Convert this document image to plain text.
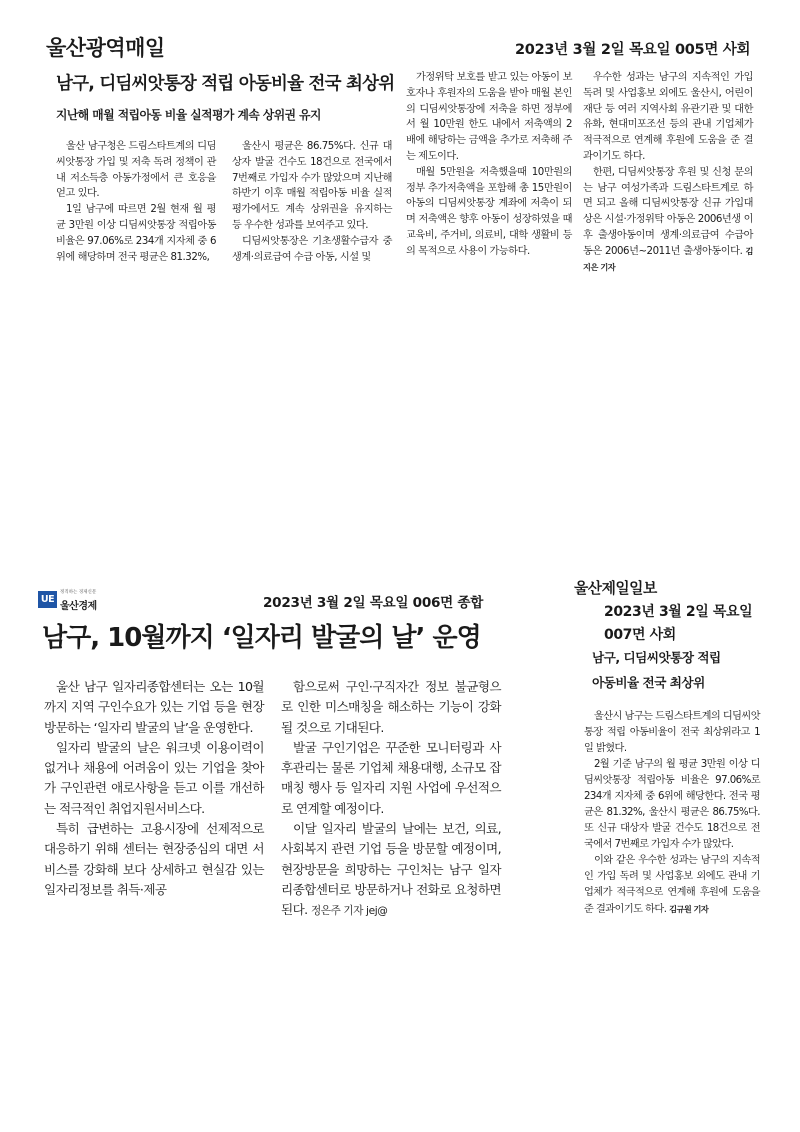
울산광역매일	2023년 3월 2일 목요일 005면 사회
남구, 디딤씨앗통장 적립 아동비율 전국 최상위
지난해 매월 적립아동 비율 실적평가 계속 상위권 유지

울산 남구청은 드림스타트계의 디딤씨앗통장 가입 및 저축 독려 정책이 관내 저소득층 아동가정에서 큰 호응을 얻고 있다.

1일 남구에 따르면 2월 현재 월 평균 3만원 이상 디딤씨앗통장 적립아동 비율은 97.06%로 234개 지자체 중 6위에 해당하며 전국 평균은 81.32%,

울산시 평균은 86.75%다. 신규 대상자 발굴 건수도 18건으로 전국에서 7번째로 가입자 수가 많았으며 지난해 하반기 이후 매월 적립아동 비율 실적평가에서도 계속 상위권을 유지하는 등 우수한 성과를 보여주고 있다.

디딤씨앗통장은 기초생활수급자 중 생계·의료급여 수급 아동, 시설 및

가정위탁 보호를 받고 있는 아동이 보호자나 후원자의 도움을 받아 매월 본인의 디딤씨앗통장에 저축을 하면 정부에서 월 10만원 한도 내에서 저축액의 2배에 해당하는 금액을 추가로 저축해 주는 제도이다.

매월 5만원을 저축했을때 10만원의 정부 추가저축액을 포함해 총 15만원이 아동의 디딤씨앗통장 계좌에 저축이 되며 저축액은 향후 아동이 성장하였을 때 교육비, 주거비, 의료비, 대학 생활비 등의 목적으로 사용이 가능하다.

우수한 성과는 남구의 지속적인 가입 독려 및 사업홍보 외에도 울산시, 어린이재단 등 여러 지역사회 유관기관 및 대한유화, 현대미포조선 등의 관내 기업체가 적극적으로 연계해 후원에 도움을 준 결과이기도 하다.

한편, 디딤씨앗통장 후원 및 신청 문의는 남구 여성가족과 드림스타트계로 하면 되고 올해 디딤씨앗통장 신규 가입대상은 시설·가정위탁 아동은 2006년생 이후 출생아동이며 생계·의료급여 수급아동은 2006년~2011년 출생아동이다. 김지은 기자

UE
정직하는 경제신문
울산경제	2023년 3월 2일 목요일 006면 종합
남구, 10월까지 ‘일자리 발굴의 날’ 운영

울산 남구 일자리종합센터는 오는 10월까지 지역 구인수요가 있는 기업 등을 현장 방문하는 ‘일자리 발굴의 날’을 운영한다.

일자리 발굴의 날은 워크넷 이용이력이 없거나 채용에 어려움이 있는 기업을 찾아가 구인관련 애로사항을 듣고 이를 개선하는 적극적인 취업지원서비스다.

특히 급변하는 고용시장에 선제적으로 대응하기 위해 센터는 현장중심의 대면 서비스를 강화해 보다 상세하고 현실감 있는 일자리정보를 취득·제공

함으로써 구인·구직자간 정보 불균형으로 인한 미스매칭을 해소하는 기능이 강화될 것으로 기대된다.

발굴 구인기업은 꾸준한 모니터링과 사후관리는 물론 기업체 채용대행, 소규모 잡매칭 행사 등 일자리 지원 사업에 우선적으로 연계할 예정이다.

이달 일자리 발굴의 날에는 보건, 의료, 사회복지 관련 기업 등을 방문할 예정이며, 현장방문을 희망하는 구인처는 남구 일자리종합센터로 방문하거나 전화로 요청하면 된다. 정은주 기자 jej@

울산제일일보
2023년 3월 2일 목요일
007면 사회
남구, 디딤씨앗통장 적립
아동비율 전국 최상위

울산시 남구는 드림스타트계의 디딤씨앗통장 적립 아동비율이 전국 최상위라고 1일 밝혔다.

2월 기준 남구의 월 평균 3만원 이상 디딤씨앗통장 적립아동 비율은 97.06%로 234개 지자체 중 6위에 해당한다. 전국 평균은 81.32%, 울산시 평균은 86.75%다. 또 신규 대상자 발굴 건수도 18건으로 전국에서 7번째로 가입자 수가 많았다.

이와 같은 우수한 성과는 남구의 지속적인 가입 독려 및 사업홍보 외에도 관내 기업체가 적극적으로 연계해 후원에 도움을 준 결과이기도 하다. 김규원 기자
